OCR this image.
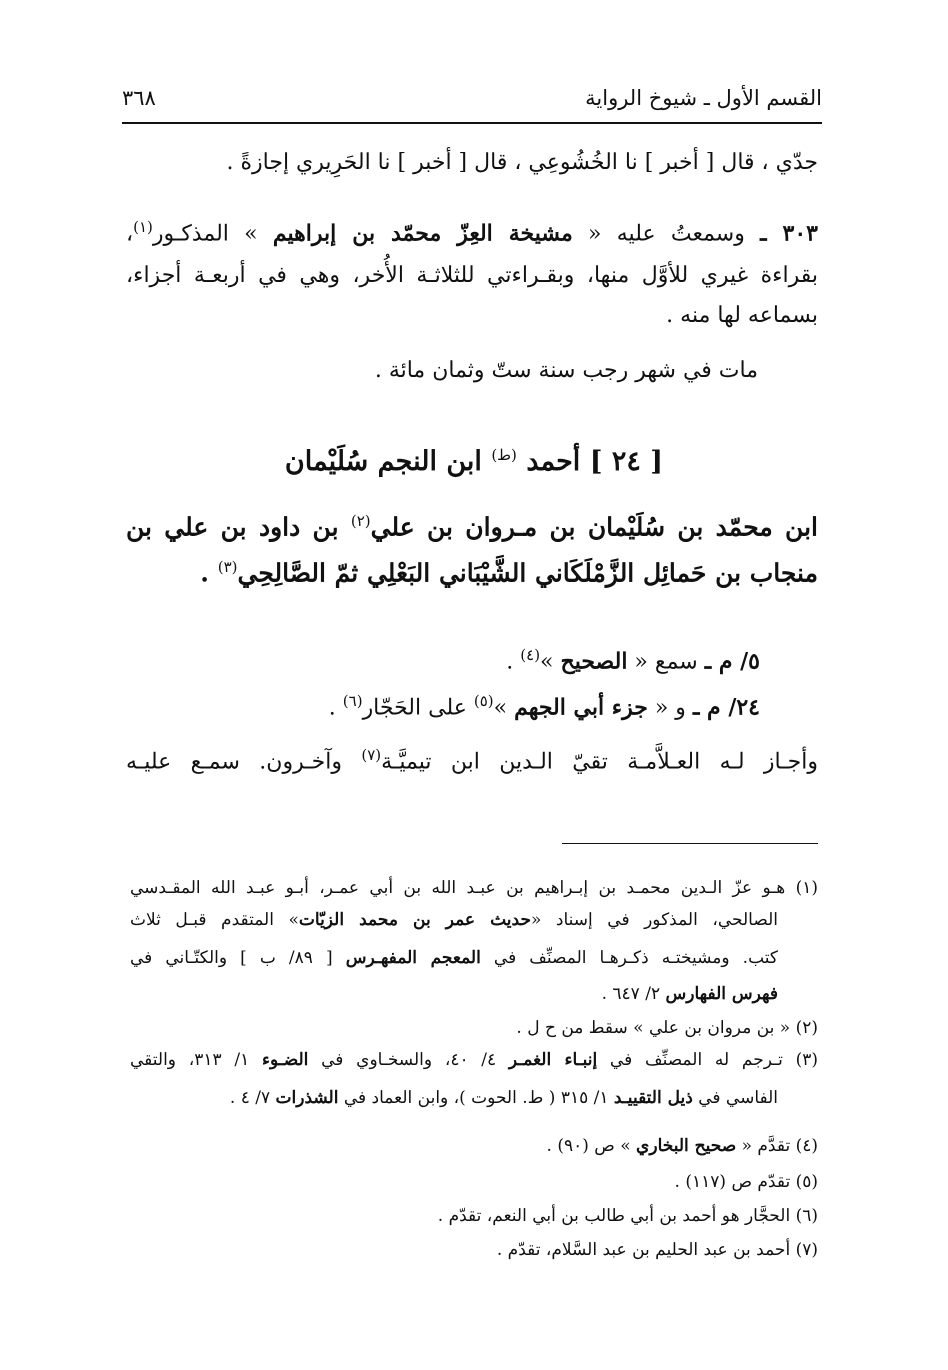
القسم الأول ـ شيوخ الرواية
٣٦٨
جدّي ، قال [ أخبر ] نا الخُشُوعِي ، قال [ أخبر ] نا الحَرِيري إجازةً .
٣٠٣ ـ وسمعتُ عليه « مشيخة العِزّ محمّد بن إبراهيم » المذكـور$^{(١)}$،
بقراءة غيري للأوَّل منها، وبقـراءتي للثلاثـة الأُخر، وهي في أربعـة أجزاء،
بسماعه لها منه .
مات في شهر رجب سنة ستّ وثمان مائة .
[ ٢٤ ] أحمد $^{(ط)}$ ابن النجم سُلَيْمان
ابن محمّد بن سُلَيْمان بن مـروان بن علي$^{(٢)}$ بن داود بن علي بن
منجاب بن حَمائِل الزَّمْلَكَاني الشَّيْبَاني البَعْلِي ثمّ الصَّالِحِي$^{(٣)}$ .
٥/ م ـ سمع « الصحيح »$^{(٤)}$ .
٢٤/ م ـ و « جزء أبي الجهم »$^{(٥)}$ على الحَجّار$^{(٦)}$ .
وأجـاز لـه العـلاَّمـة تقيّ الـدين ابن تيميَّـة$^{(٧)}$ وآخـرون. سمـع عليـه
(١) هـو عزّ الـدين محمـد بن إبـراهيم بن عبـد الله بن أبي عمـر، أبـو عبـد الله المقـدسي
الصالحي، المذكور في إسناد «حديث عمر بن محمد الزيّات» المتقدم قبـل ثلاث
كتب. ومشيختـه ذكـرهـا المصنِّف في المعجم المفهـرس [ ٨٩/ ب ] والكتّـاني في
فهرس الفهارس ٢/ ٦٤٧ .
(٢) « بن مروان بن علي » سقط من ح ل .
(٣) تـرجم له المصنِّف في إنبـاء الغمـر ٤/ ٤٠، والسخـاوي في الضـوء ١/ ٣١٣، والتقي
الفاسي في ذيل التقييـد ١/ ٣١٥ ( ط. الحوت )، وابن العماد في الشذرات ٧/ ٤ .
(٤) تقدَّم « صحيح البخاري » ص (٩٠) .
(٥) تقدّم ص (١١٧) .
(٦) الحجَّار هو أحمد بن أبي طالب بن أبي النعم، تقدّم .
(٧) أحمد بن عبد الحليم بن عبد السَّلام، تقدّم .
